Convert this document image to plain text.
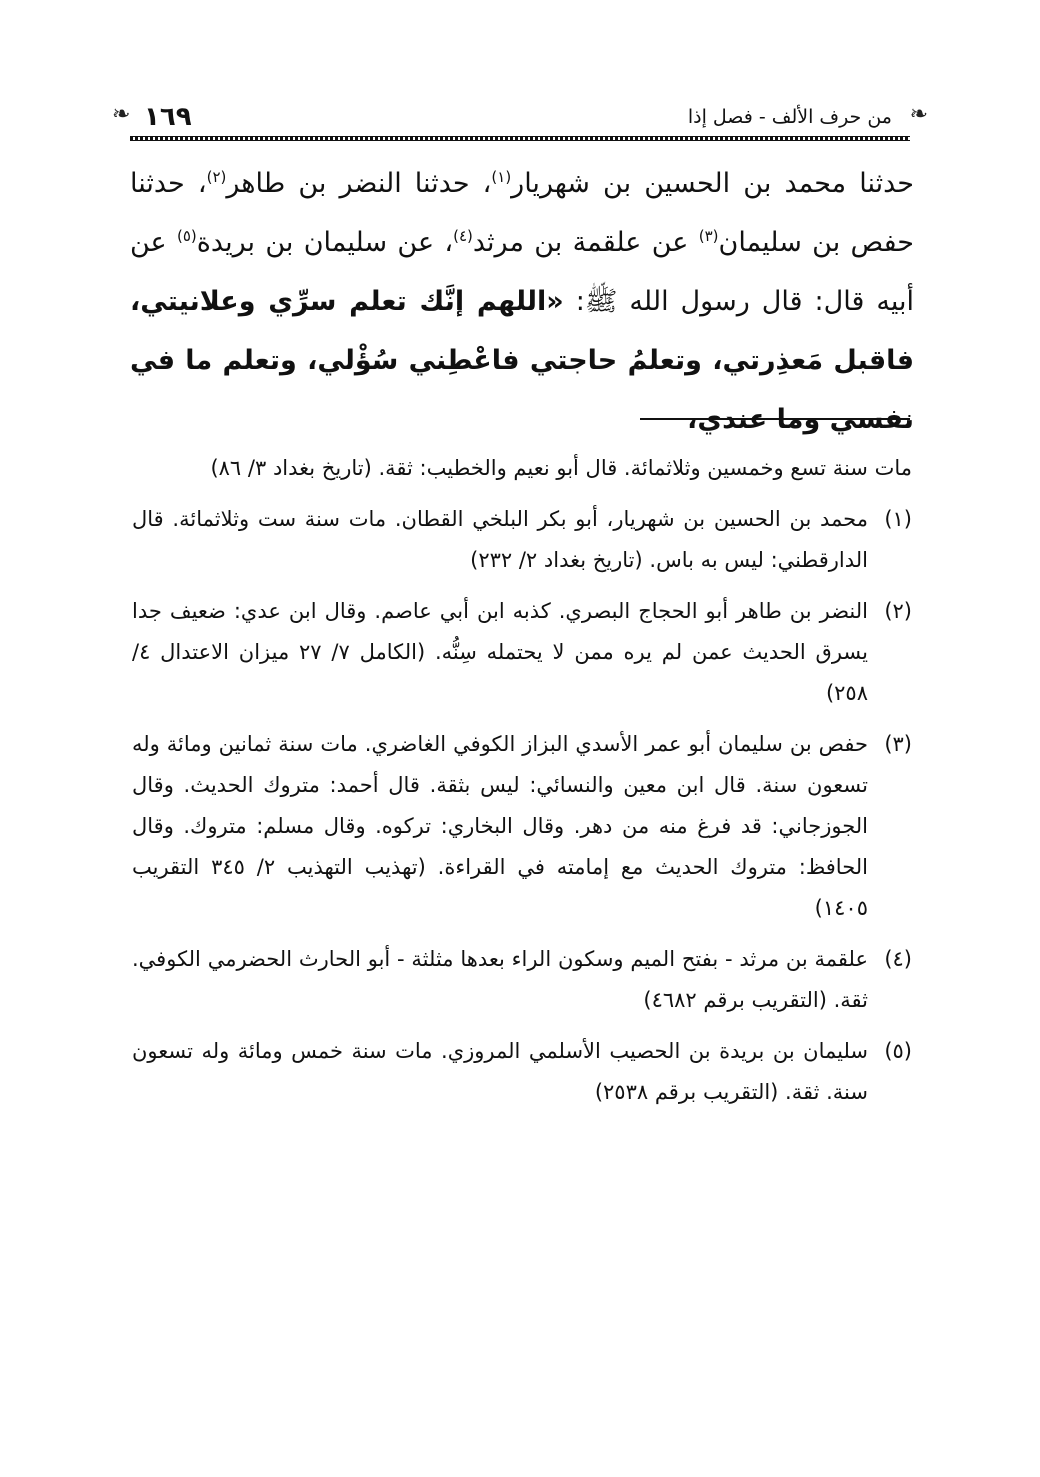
❧
من حرف الألف - فصل إذا
١٦٩
❧

حدثنا محمد بن الحسين بن شهريار$^{(١)}$، حدثنا النضر بن طاهر$^{(٢)}$، حدثنا حفص بن سليمان$^{(٣)}$ عن علقمة بن مرثد$^{(٤)}$، عن سليمان بن بريدة$^{(٥)}$ عن أبيه قال: قال رسول الله ﷺ: «اللهم إنَّك تعلم سرِّي وعلانيتي، فاقبل مَعذِرتي، وتعلمُ حاجتي فاعْطِني سُؤْلي، وتعلم ما في نفسي وما عندي،

مات سنة تسع وخمسين وثلاثمائة. قال أبو نعيم والخطيب: ثقة. (تاريخ بغداد ٣/ ٨٦)

(١)

محمد بن الحسين بن شهريار، أبو بكر البلخي القطان. مات سنة ست وثلاثمائة. قال الدارقطني: ليس به باس. (تاريخ بغداد ٢/ ٢٣٢)

(٢)

النضر بن طاهر أبو الحجاج البصري. كذبه ابن أبي عاصم. وقال ابن عدي: ضعيف جدا يسرق الحديث عمن لم يره ممن لا يحتمله سِنُّه. (الكامل ٧/ ٢٧ ميزان الاعتدال ٤/ ٢٥٨)

(٣)

حفص بن سليمان أبو عمر الأسدي البزاز الكوفي الغاضري. مات سنة ثمانين ومائة وله تسعون سنة. قال ابن معين والنسائي: ليس بثقة. قال أحمد: متروك الحديث. وقال الجوزجاني: قد فرغ منه من دهر. وقال البخاري: تركوه. وقال مسلم: متروك. وقال الحافظ: متروك الحديث مع إمامته في القراءة. (تهذيب التهذيب ٢/ ٣٤٥ التقريب ١٤٠٥)

(٤)

علقمة بن مرثد - بفتح الميم وسكون الراء بعدها مثلثة - أبو الحارث الحضرمي الكوفي. ثقة. (التقريب برقم ٤٦٨٢)

(٥)

سليمان بن بريدة بن الحصيب الأسلمي المروزي. مات سنة خمس ومائة وله تسعون سنة. ثقة. (التقريب برقم ٢٥٣٨)
